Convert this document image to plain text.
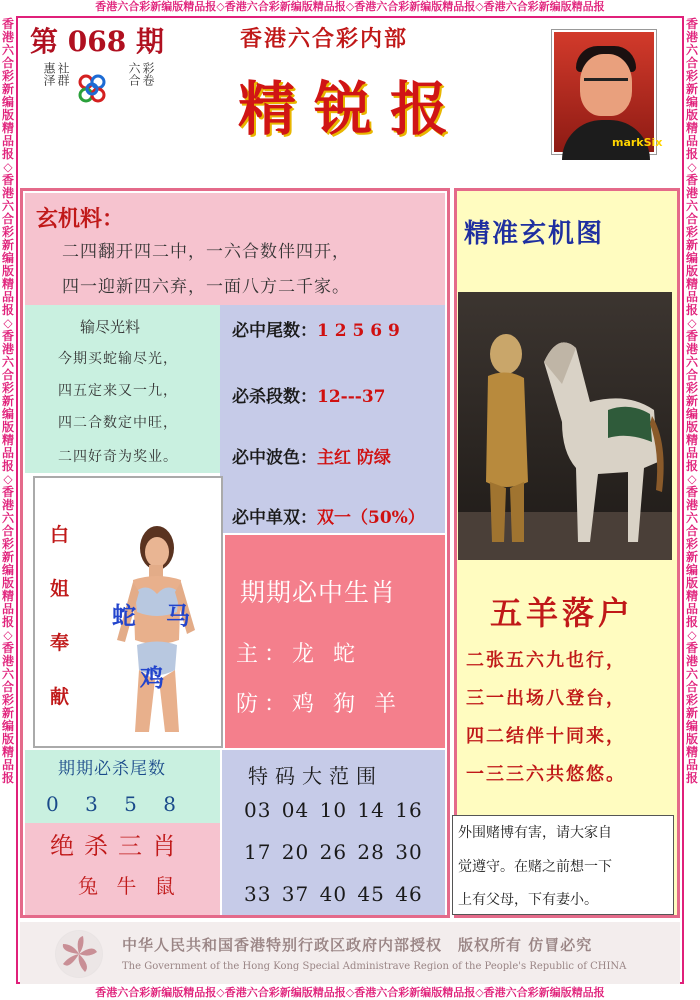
香港六合彩新编版精品报◇香港六合彩新编版精品报◇香港六合彩新编版精品报◇香港六合彩新编版精品报
香港六合彩新编版精品报◇香港六合彩新编版精品报◇香港六合彩新编版精品报◇香港六合彩新编版精品报
香港六合彩新编版精品报◇香港六合彩新编版精品报◇香港六合彩新编版精品报◇香港六合彩新编版精品报◇香港六合彩新编版精品报
香港六合彩新编版精品报◇香港六合彩新编版精品报◇香港六合彩新编版精品报◇香港六合彩新编版精品报◇香港六合彩新编版精品报
第 068 期
惠泽 社群	六合 彩卷
香港六合彩内部
精锐报	markSix
玄机料：
二四翻开四二中，一六合数伴四开，
四一迎新四六弃，一面八方二千家。
输尽光料
今期买蛇输尽光，
四五定来又一九，
四二合数定中旺，
二四好奇为奖业。
必中尾数：1 2 5 6 9
必杀段数：12---37
必中波色：主红 防绿
必中单双：双一（50%）
白
姐
奉
献
蛇 马
鸡
期期必中生肖
主：龙 蛇
防：鸡 狗 羊
期期必杀尾数
0 3 5 8
绝杀三肖
兔 牛 鼠
特码大范围
03 04 10 14 16
17 20 26 28 30
33 37 40 45 46
精准玄机图
五羊落户
二张五六九也行，
三一出场八登台，
四二结伴十同来，
一三三六共悠悠。
外围赌博有害，请大家自
觉遵守。在赌之前想一下
上有父母，下有妻小。
中华人民共和国香港特别行政区政府内部授权　版权所有 仿冒必究
The Government of the Hong Kong Special Administrave Region of the People's Republic of CHINA
